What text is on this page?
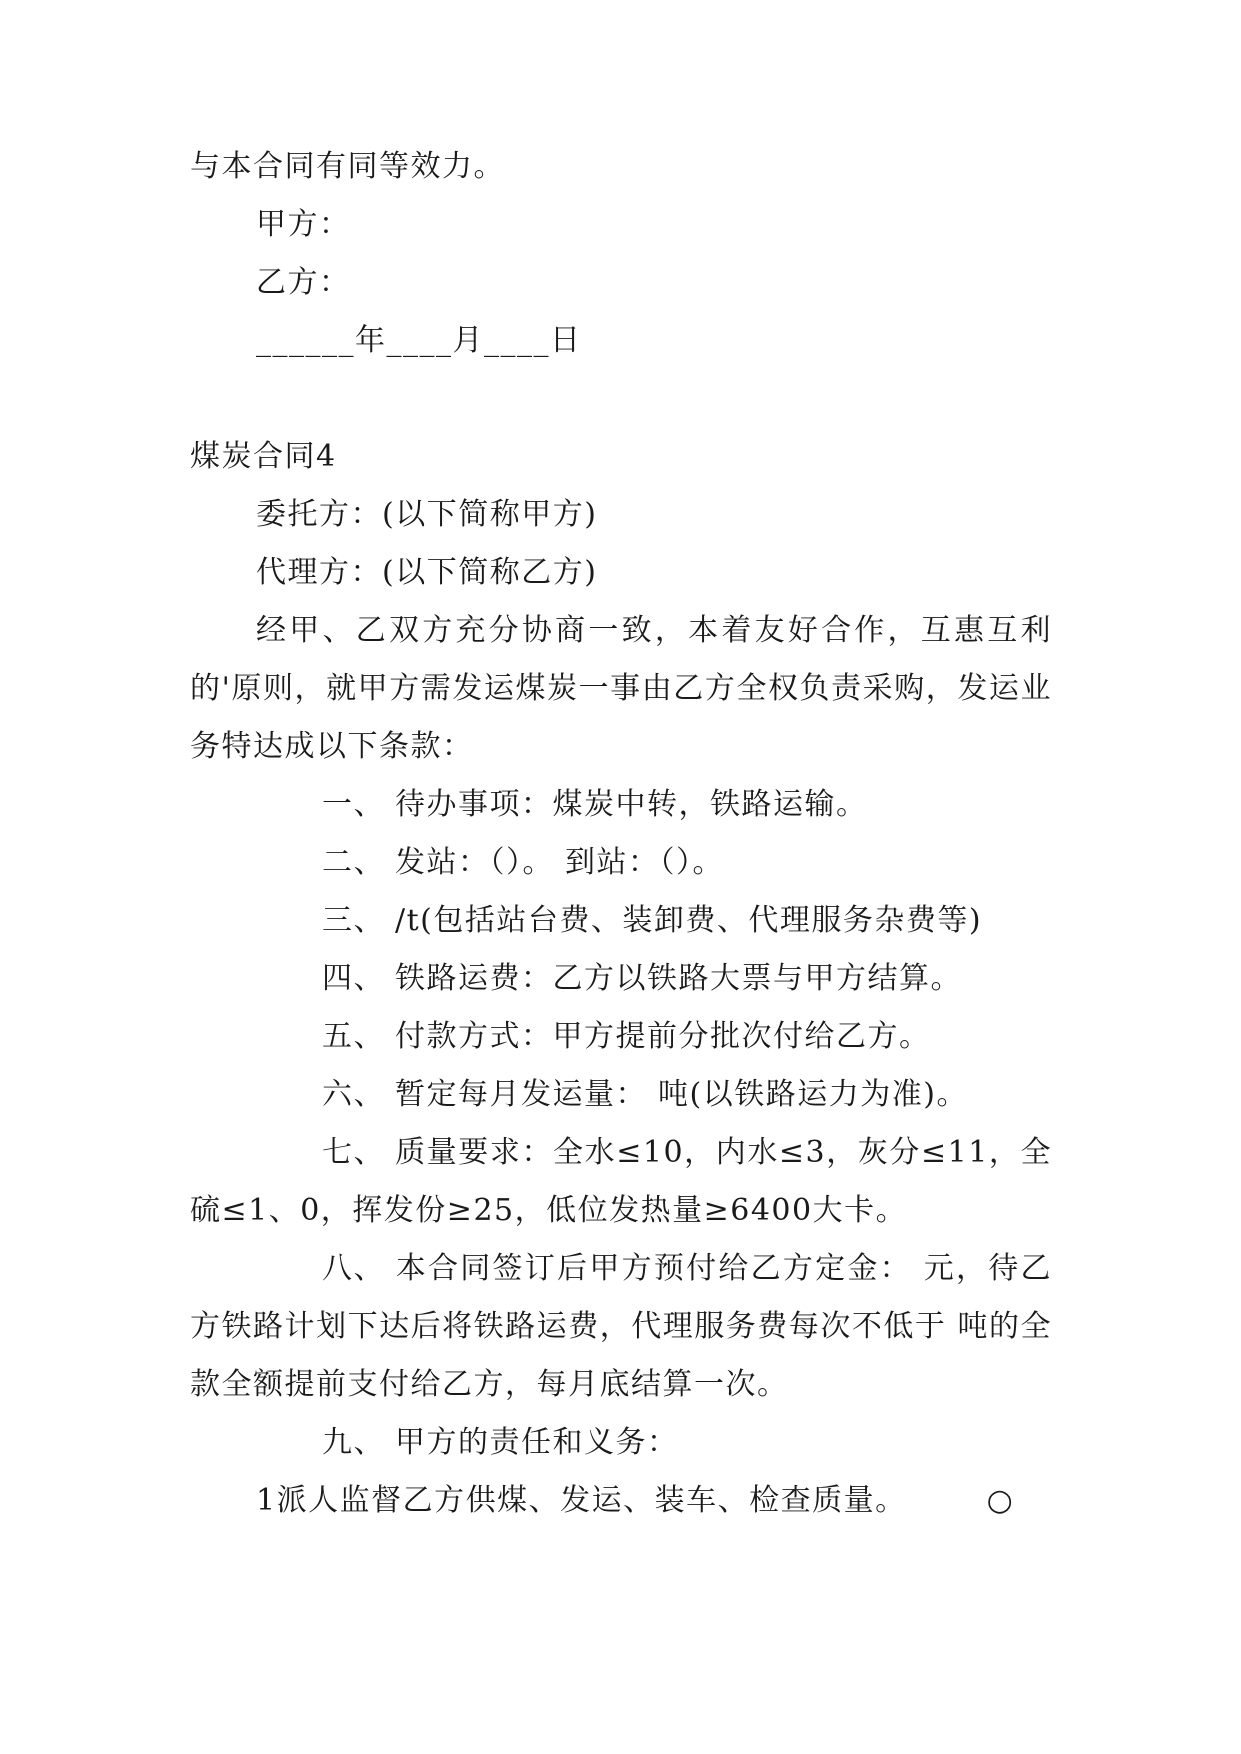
与本合同有同等效力。

甲方：

乙方：

______年____月____日

煤炭合同4

委托方：(以下简称甲方)

代理方：(以下简称乙方)

经甲、乙双方充分协商一致，本着友好合作，互惠互利的'原则，就甲方需发运煤炭一事由乙方全权负责采购，发运业务特达成以下条款：

一、 待办事项：煤炭中转，铁路运输。

二、 发站：（）。 到站：（）。

三、 /t(包括站台费、装卸费、代理服务杂费等)

四、 铁路运费：乙方以铁路大票与甲方结算。

五、 付款方式：甲方提前分批次付给乙方。

六、 暂定每月发运量： 吨(以铁路运力为准)。

七、 质量要求：全水≤10，内水≤3，灰分≤11，全硫≤1、0，挥发份≥25，低位发热量≥6400大卡。

八、 本合同签订后甲方预付给乙方定金： 元，待乙方铁路计划下达后将铁路运费，代理服务费每次不低于 吨的全款全额提前支付给乙方，每月底结算一次。

九、 甲方的责任和义务：

1派人监督乙方供煤、发运、装车、检查质量。	○
